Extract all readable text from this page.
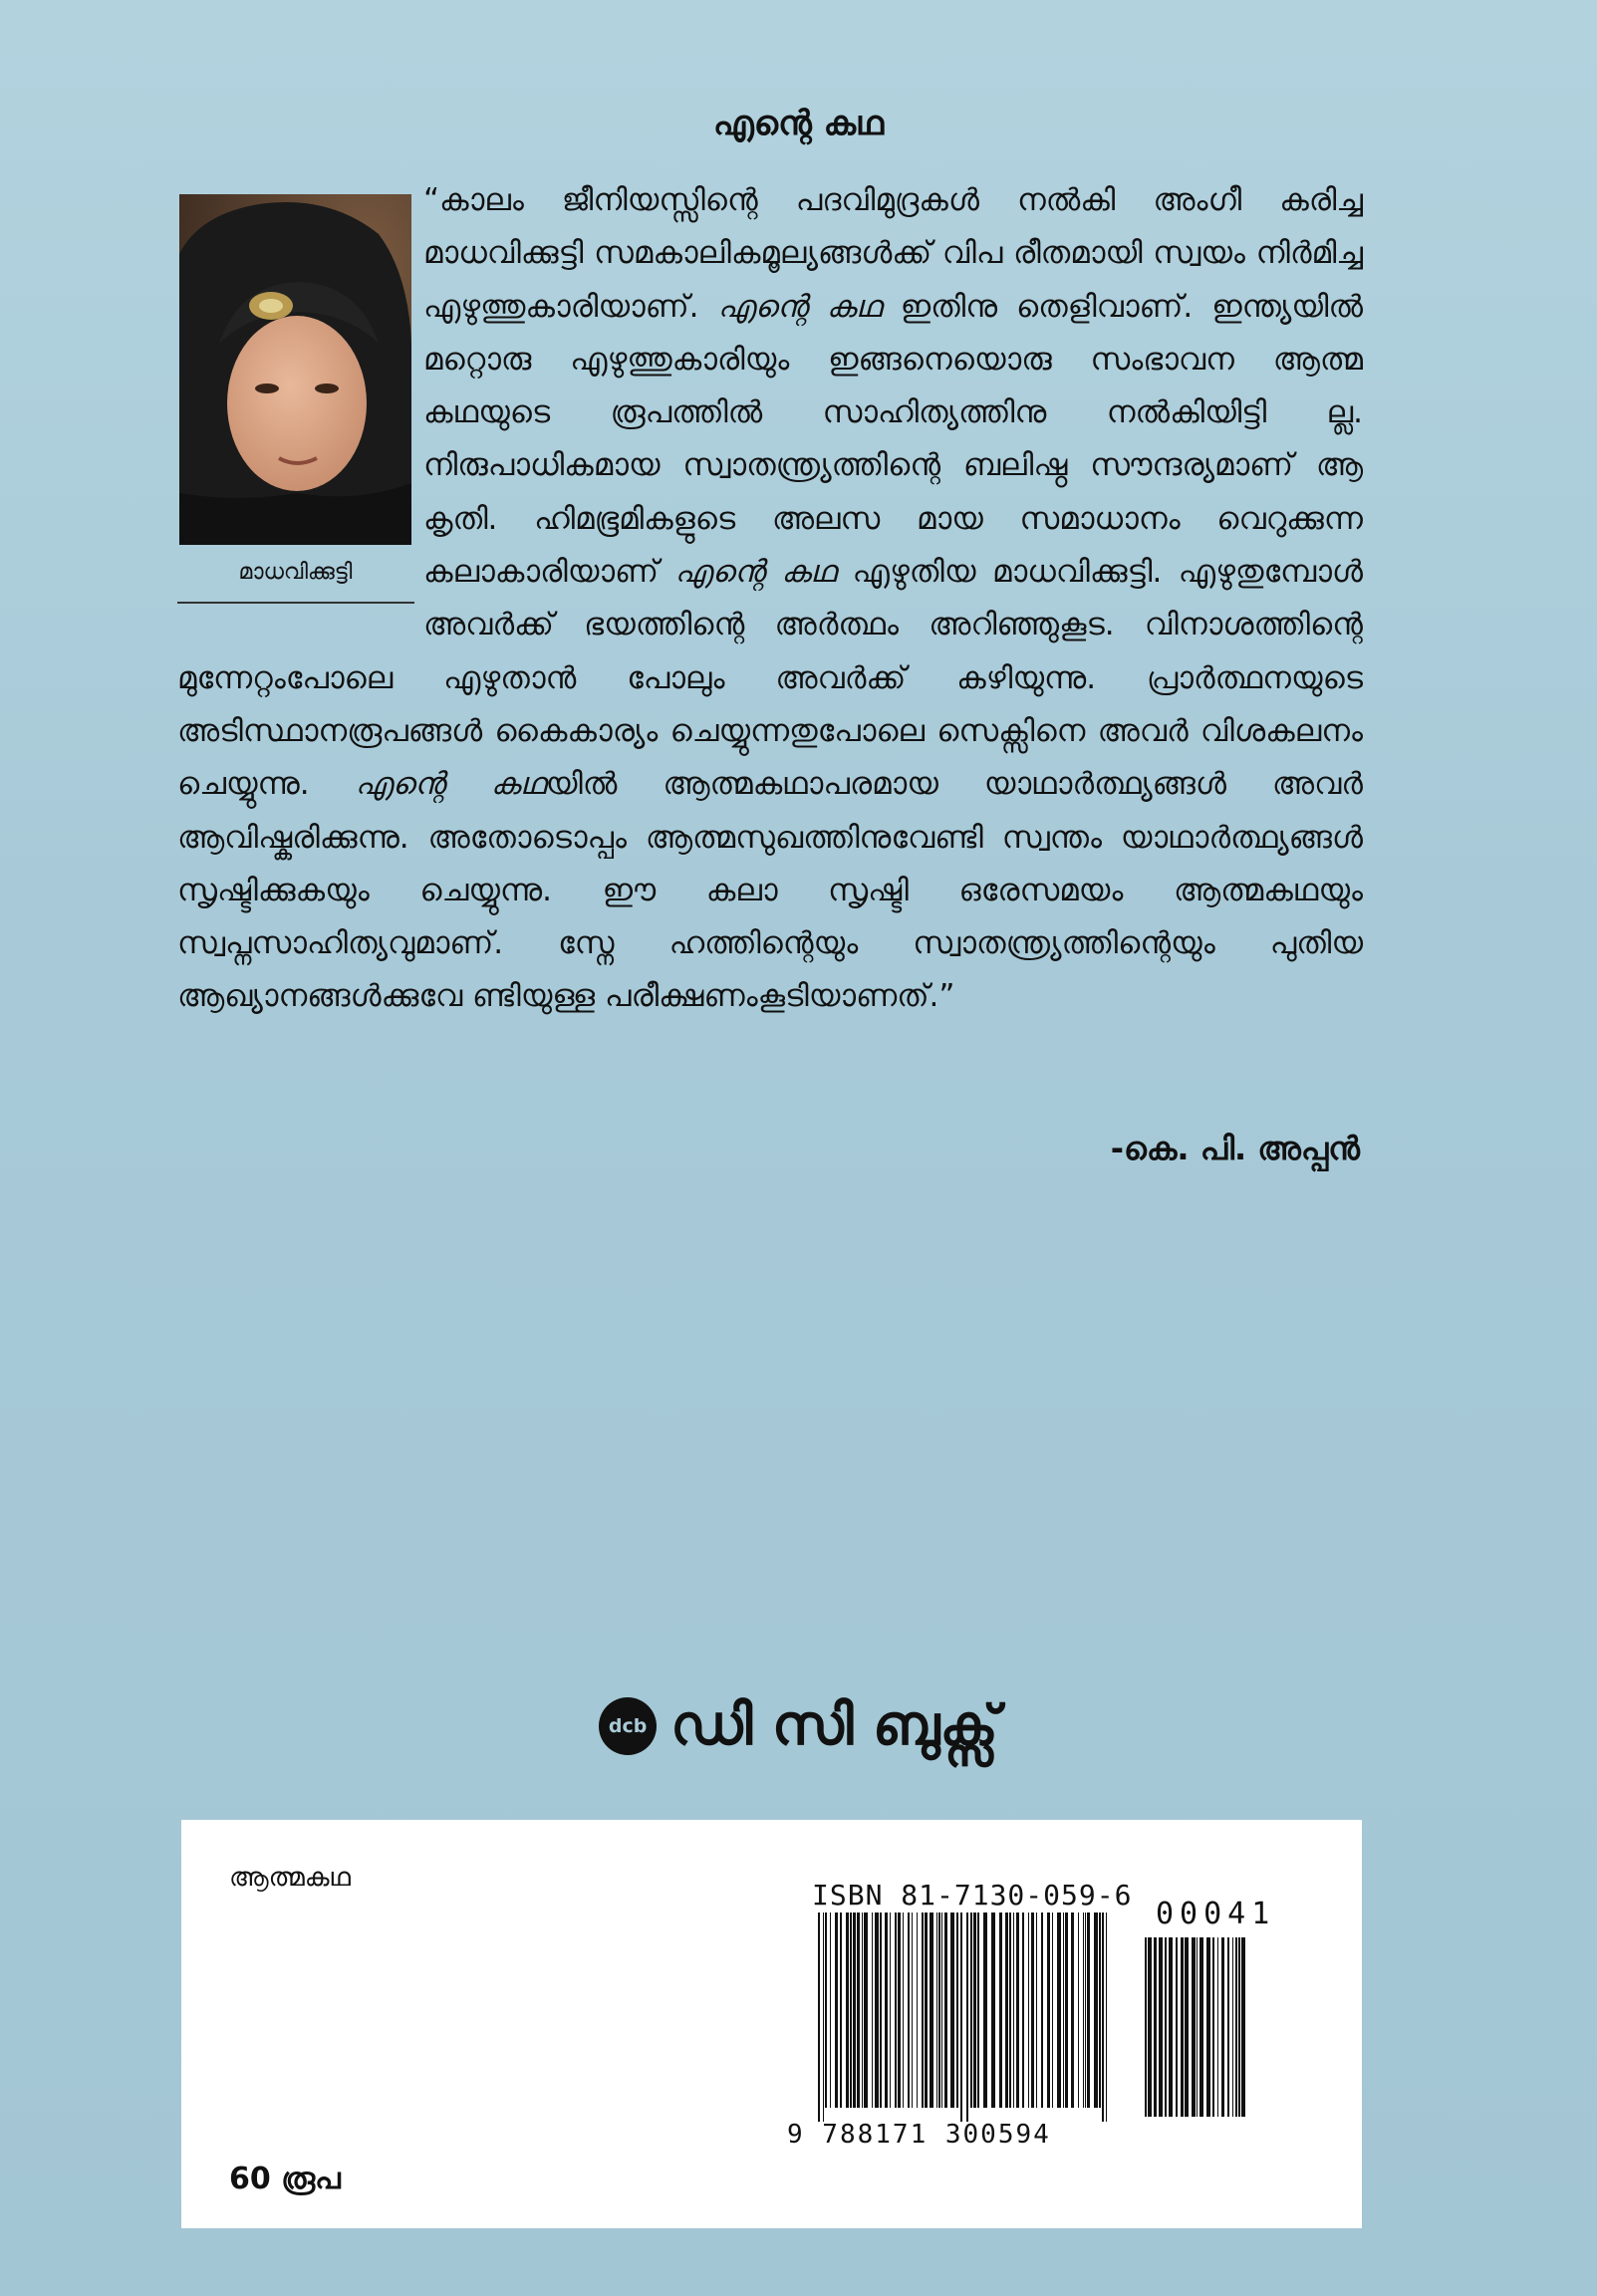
എന്റെ കഥ
മാധവിക്കുട്ടി
“കാലം ജീനിയസ്സിന്റെ പദവിമുദ്രകൾ നൽകി അംഗീ കരിച്ച മാധവിക്കുട്ടി സമകാലികമൂല്യങ്ങൾക്ക് വിപ രീതമായി സ്വയം നിർമിച്ച എഴുത്തുകാരിയാണ്. എന്റെ കഥ ഇതിനു തെളിവാണ്. ഇന്ത്യയിൽ മറ്റൊരു എഴുത്തുകാരിയും ഇങ്ങനെയൊരു സംഭാവന ആത്മ കഥയുടെ രൂപത്തിൽ സാഹിത്യത്തിനു നൽകിയിട്ടി ല്ല. നിരുപാധികമായ സ്വാതന്ത്ര്യത്തിന്റെ ബലിഷ്ഠ സൗന്ദര്യമാണ് ആ കൃതി. ഹിമഭൂമികളുടെ അലസ മായ സമാധാനം വെറുക്കുന്ന കലാകാരിയാണ് എന്റെ കഥ എഴുതിയ മാധവിക്കുട്ടി. എഴുതുമ്പോൾ അവർക്ക് ഭയത്തിന്റെ അർത്ഥം അറിഞ്ഞുകൂട. വിനാശത്തിന്റെ മുന്നേറ്റംപോലെ എഴുതാൻ പോലും അവർക്ക് കഴിയുന്നു. പ്രാർത്ഥനയുടെ അടിസ്ഥാനരൂപങ്ങൾ കൈകാര്യം ചെയ്യുന്നതുപോലെ സെക്സിനെ അവർ വിശകലനം ചെയ്യുന്നു. എന്റെ കഥയിൽ ആത്മകഥാപരമായ യാഥാർത്ഥ്യങ്ങൾ അവർ ആവിഷ്കരിക്കുന്നു. അതോടൊപ്പം ആത്മസുഖത്തിനുവേണ്ടി സ്വന്തം യാഥാർത്ഥ്യങ്ങൾ സൃഷ്ടിക്കുകയും ചെയ്യുന്നു. ഈ കലാ സൃഷ്ടി ഒരേസമയം ആത്മകഥയും സ്വപ്നസാഹിത്യവുമാണ്. സ്നേ ഹത്തിന്റെയും സ്വാതന്ത്ര്യത്തിന്റെയും പുതിയ ആഖ്യാനങ്ങൾക്കുവേ ണ്ടിയുള്ള പരീക്ഷണംകൂടിയാണത്.”
-കെ. പി. അപ്പൻ
dcb ഡി സി ബുക്സ്
ആത്മകഥ
60 രൂപ
ISBN 81-7130-059-6
00041
9 788171 300594
